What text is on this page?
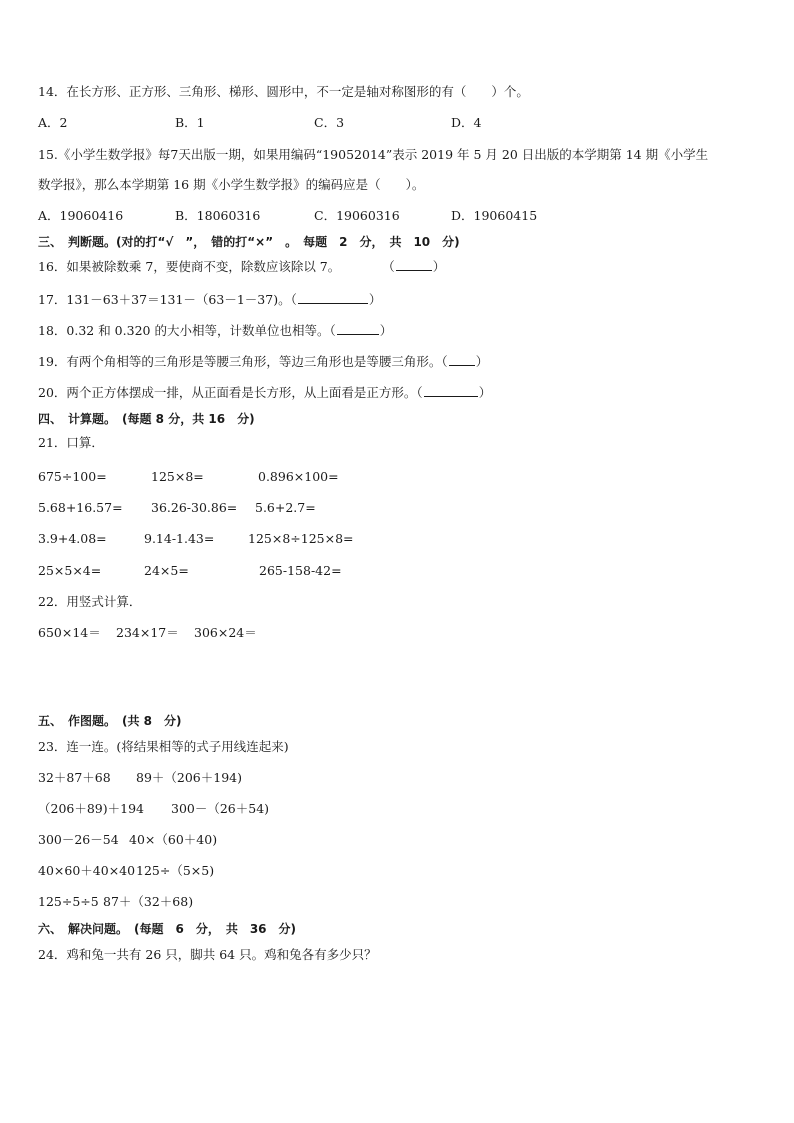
14．在长方形、正方形、三角形、梯形、圆形中，不一定是轴对称图形的有（　　）个。
A．2	B．1	C．3	D．4
15.《小学生数学报》每7天出版一期，如果用编码“19052014”表示 2019 年 5 月 20 日出版的本学期第 14 期《小学生
数学报》，那么本学期第 16 期《小学生数学报》的编码应是（　　）。
A．19060416	B．18060316	C．19060316	D．19060415
三、　判断题。(对的打“√　”，　错的打“×”　。　每题　2　分，　共　10　分)
16．如果被除数乘 7，要使商不变，除数应该除以 7。	（	）
17．131－63＋37＝131－（63－1－37)。（	）
18．0.32 和 0.320 的大小相等，计数单位也相等。（	）
19．有两个角相等的三角形是等腰三角形，等边三角形也是等腰三角形。（ ）
20．两个正方体摆成一排，从正面看是长方形，从上面看是正方形。（	）
四、　计算题。　(每题 8 分，共 16　分)
21．口算．
675÷100=	125×8=	0.896×100=
5.68+16.57= 36.26-30.86= 5.6+2.7=
3.9+4.08=	9.14-1.43=	125×8÷125×8=
25×5×4=	24×5=	265-158-42=
22．用竖式计算．
650×14＝ 234×17＝ 306×24＝
五、　作图题。　(共 8　分)
23．连一连。(将结果相等的式子用线连起来)
32＋87＋68 89＋（206＋194)
（206＋89)＋194 300－（26＋54)
300－26－54 40×（60＋40)
40×60＋40×40 125÷（5×5)
125÷5÷5 87＋（32＋68)
六、　解决问题。　(每题　6　分，　共　36　分)
24．鸡和兔一共有 26 只，脚共 64 只。鸡和兔各有多少只？
